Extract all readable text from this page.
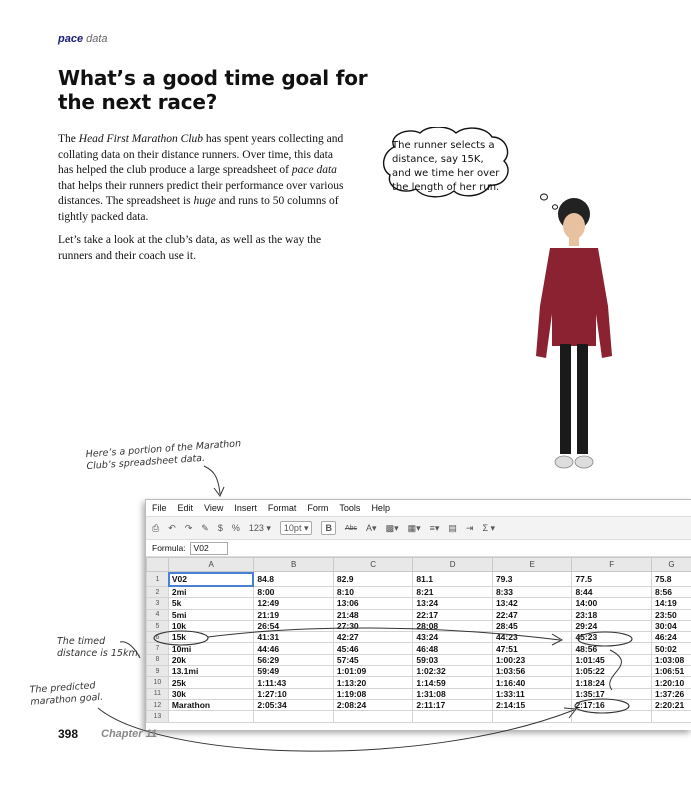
pace data
What’s a good time goal for the next race?

The Head First Marathon Club has spent years collecting and collating data on their distance runners. Over time, this data has helped the club produce a large spreadsheet of pace data that helps their runners predict their performance over various distances. The spreadsheet is huge and runs to 50 columns of tightly packed data.

Let’s take a look at the club’s data, as well as the way the runners and their coach use it.

The runner selects a distance, say 15K, and we time her over the length of her run.
Here’s a portion of the Marathon Club’s spreadsheet data.
The timed distance is 15km.
The predicted marathon goal.
File Edit View Insert Format Form Tools Help
⎙ ↶ ↷ ✎ $ % 123 ▾	10pt ▾	B	Abc A▾ ▩▾ ▦▾ ≡▾ ▤ ⇥ Σ ▾
Formula: V02
	A	B	C	D	E	F	G
1	V02	84.8	82.9	81.1	79.3	77.5	75.8
2	2mi	8:00	8:10	8:21	8:33	8:44	8:56
3	5k	12:49	13:06	13:24	13:42	14:00	14:19
4	5mi	21:19	21:48	22:17	22:47	23:18	23:50
5	10k	26:54	27:30	28:08	28:45	29:24	30:04
6	15k	41:31	42:27	43:24	44:23	45:23	46:24
7	10mi	44:46	45:46	46:48	47:51	48:56	50:02
8	20k	56:29	57:45	59:03	1:00:23	1:01:45	1:03:08
9	13.1mi	59:49	1:01:09	1:02:32	1:03:56	1:05:22	1:06:51
10	25k	1:11:43	1:13:20	1:14:59	1:16:40	1:18:24	1:20:10
11	30k	1:27:10	1:19:08	1:31:08	1:33:11	1:35:17	1:37:26
12	Marathon	2:05:34	2:08:24	2:11:17	2:14:15	2:17:16	2:20:21
13							
398 Chapter 11
